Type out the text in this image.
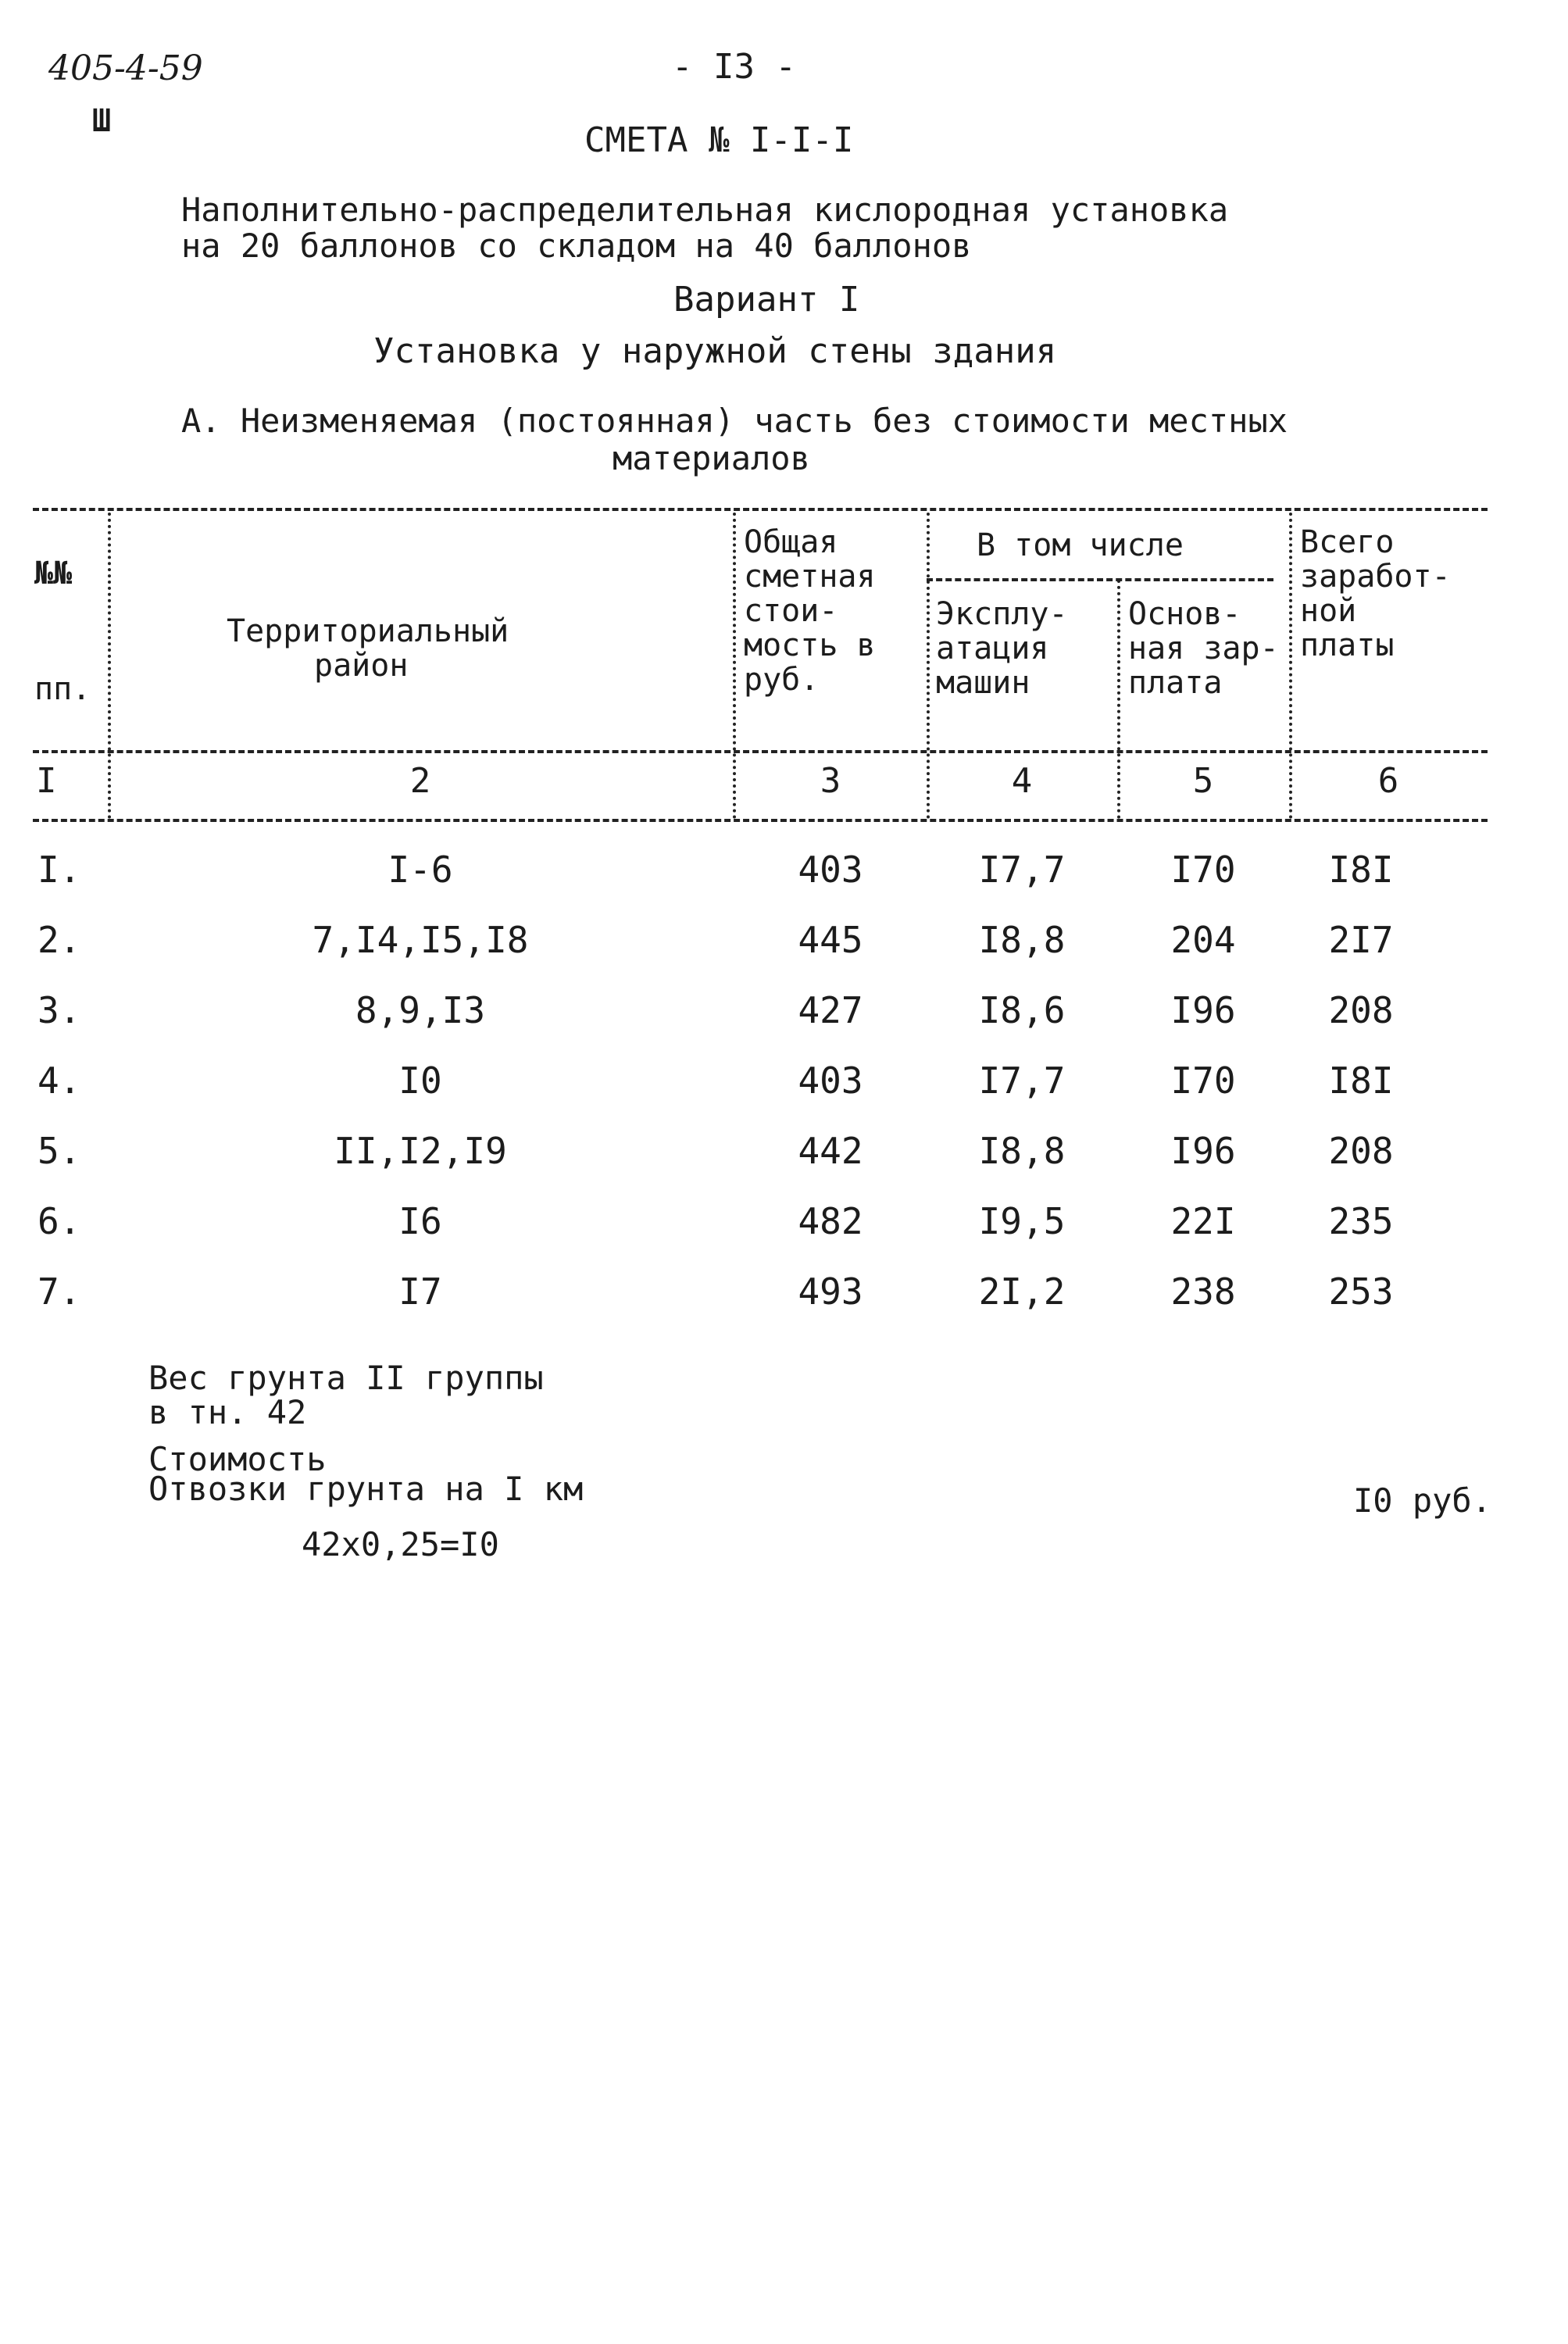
405-4-59
Ш
- I3 -
СМЕТА № I-I-I
Наполнительно-распределительная кислородная установка
на 20 баллонов со складом на 40 баллонов
Вариант I
Установка у наружной стены здания
А. Неизменяемая (постоянная) часть без стоимости местных
материалов
№№
пп.
Территориальный
район
Общая
сметная
стои-
мость в
руб.
В том числе
Эксплу-
атация
машин
Основ-
ная зар-
плата
Всего
заработ-
ной
платы
I	2	3	4	5	6
I.	I-6	403	I7,7	I70	I8I
2.	7,I4,I5,I8	445	I8,8	204	2I7
3.	8,9,I3	427	I8,6	I96	208
4.	I0	403	I7,7	I70	I8I
5.	II,I2,I9	442	I8,8	I96	208
6.	I6	482	I9,5	22I	235
7.	I7	493	2I,2	238	253
Вес грунта II группы
в тн. 42
Стоимость
Отвозки грунта на I км	I0 руб.
42х0,25=I0
